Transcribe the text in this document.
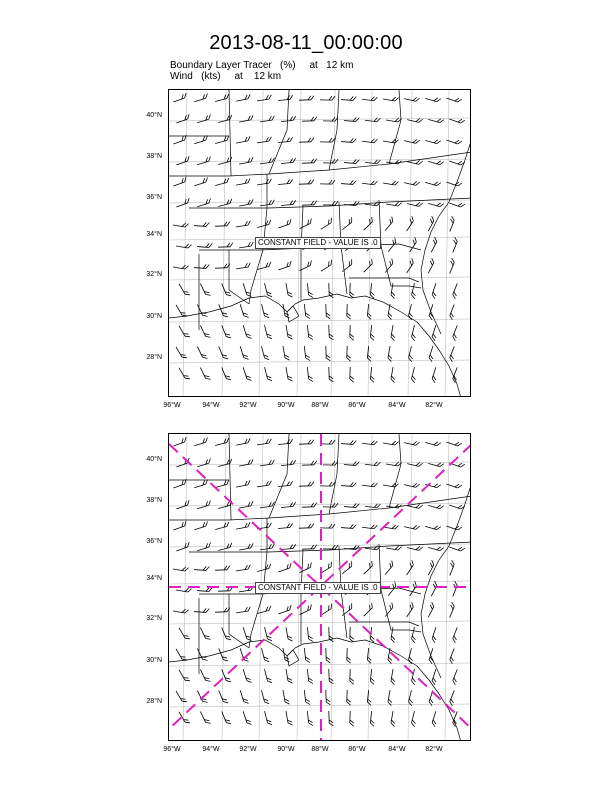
2013-08-11_00:00:00
Boundary Layer Tracer   (%)     at   12 km
Wind   (kts)     at    12 km
CONSTANT FIELD - VALUE IS .0
40°N
38°N
36°N
34°N
32°N
30°N
28°N
96°W	94°W	92°W	90°W	88°W	86°W	84°W	82°W
CONSTANT FIELD - VALUE IS .0
40°N
38°N
36°N
34°N
32°N
30°N
28°N
96°W	94°W	92°W	90°W	88°W	86°W	84°W	82°W
